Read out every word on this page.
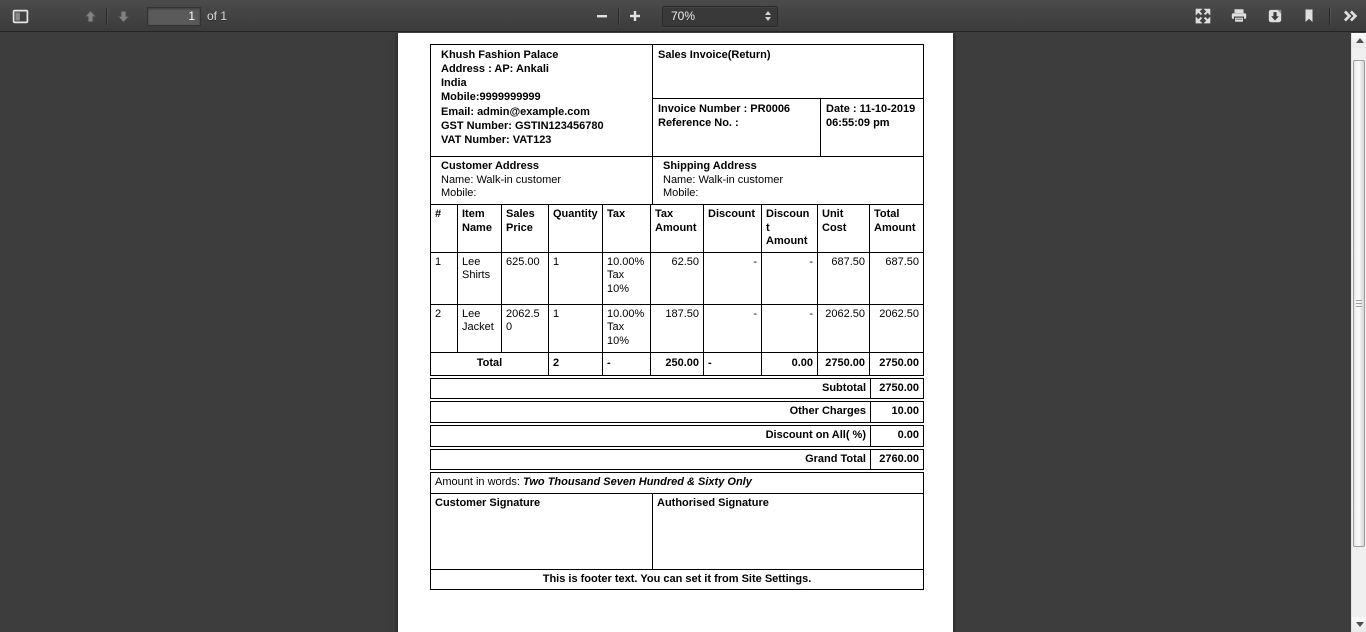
1
of 1	70%
Khush Fashion Palace
Address : AP: Ankali
India
Mobile:9999999999
Email: admin@example.com
GST Number: GSTIN123456780
VAT Number: VAT123
	Sales Invoice(Return)

Invoice Number : PR0006
Reference No. :

Date : 11-10-2019
06:55:09 pm
Customer Address
Name: Walk-in customer
Mobile:

Shipping Address
Name: Walk-in customer
Mobile:
#	Item Name	Sales Price	Quantity	Tax	Tax Amount	Discount	Discount Amount	Unit Cost	Total Amount
1	Lee Shirts	625.00	1	10.00% Tax 10%	62.50	-	-	687.50	687.50
2	Lee Jacket	2062.50	1	10.00% Tax 10%	187.50	-	-	2062.50	2062.50
Total			2	-	250.00	-	0.00	2750.00	2750.00
Subtotal	2750.00
Other Charges	10.00
Discount on All( %)	0.00
Grand Total	2760.00
Amount in words: Two Thousand Seven Hundred & Sixty Only
Customer Signature	Authorised Signature
This is footer text. You can set it from Site Settings.
